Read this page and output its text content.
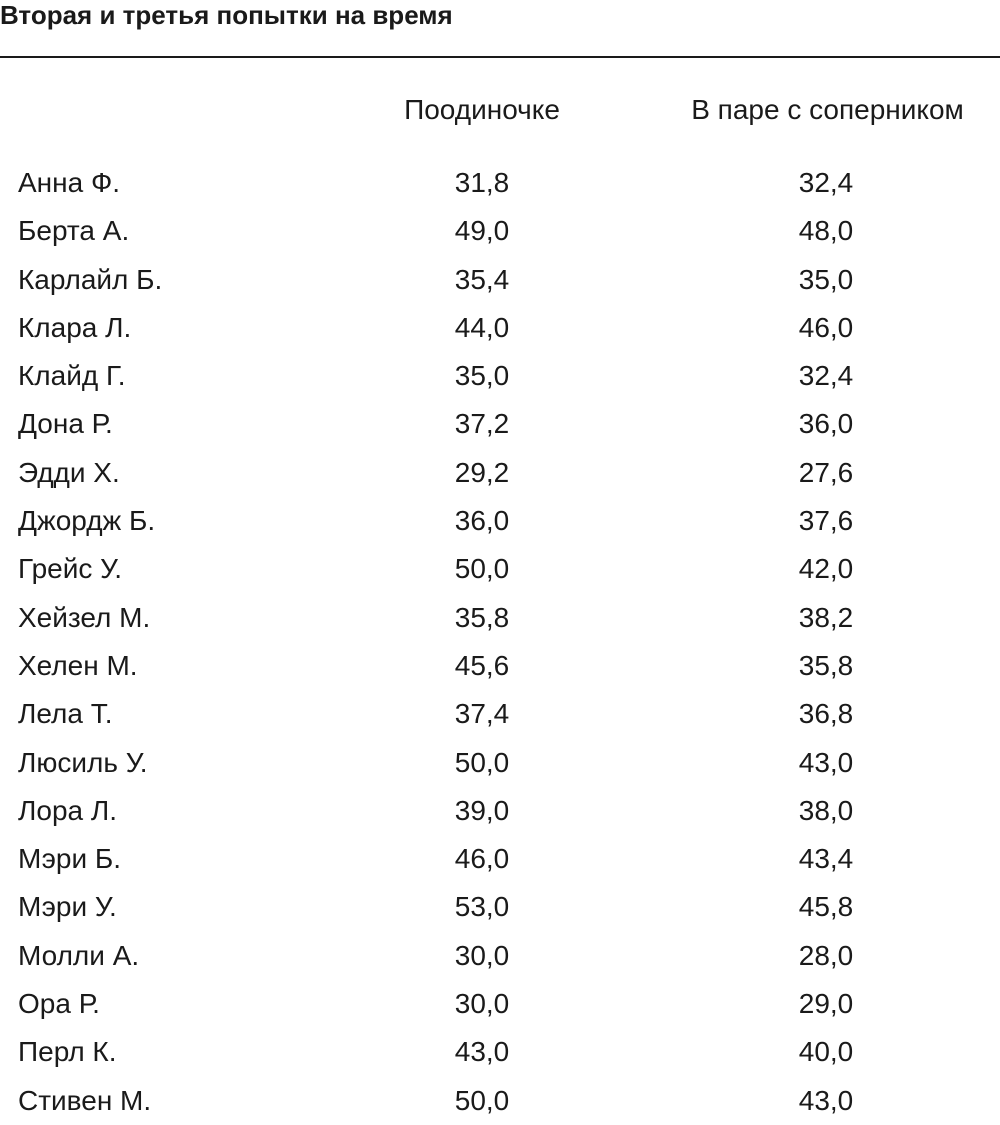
Вторая и третья попытки на время
Поодиночке	В паре с соперником
Анна Ф.	31,8	32,4
Берта А.	49,0	48,0
Карлайл Б.	35,4	35,0
Клара Л.	44,0	46,0
Клайд Г.	35,0	32,4
Дона Р.	37,2	36,0
Эдди Х.	29,2	27,6
Джордж Б.	36,0	37,6
Грейс У.	50,0	42,0
Хейзел М.	35,8	38,2
Хелен М.	45,6	35,8
Лела Т.	37,4	36,8
Люсиль У.	50,0	43,0
Лора Л.	39,0	38,0
Мэри Б.	46,0	43,4
Мэри У.	53,0	45,8
Молли А.	30,0	28,0
Ора Р.	30,0	29,0
Перл К.	43,0	40,0
Стивен М.	50,0	43,0
